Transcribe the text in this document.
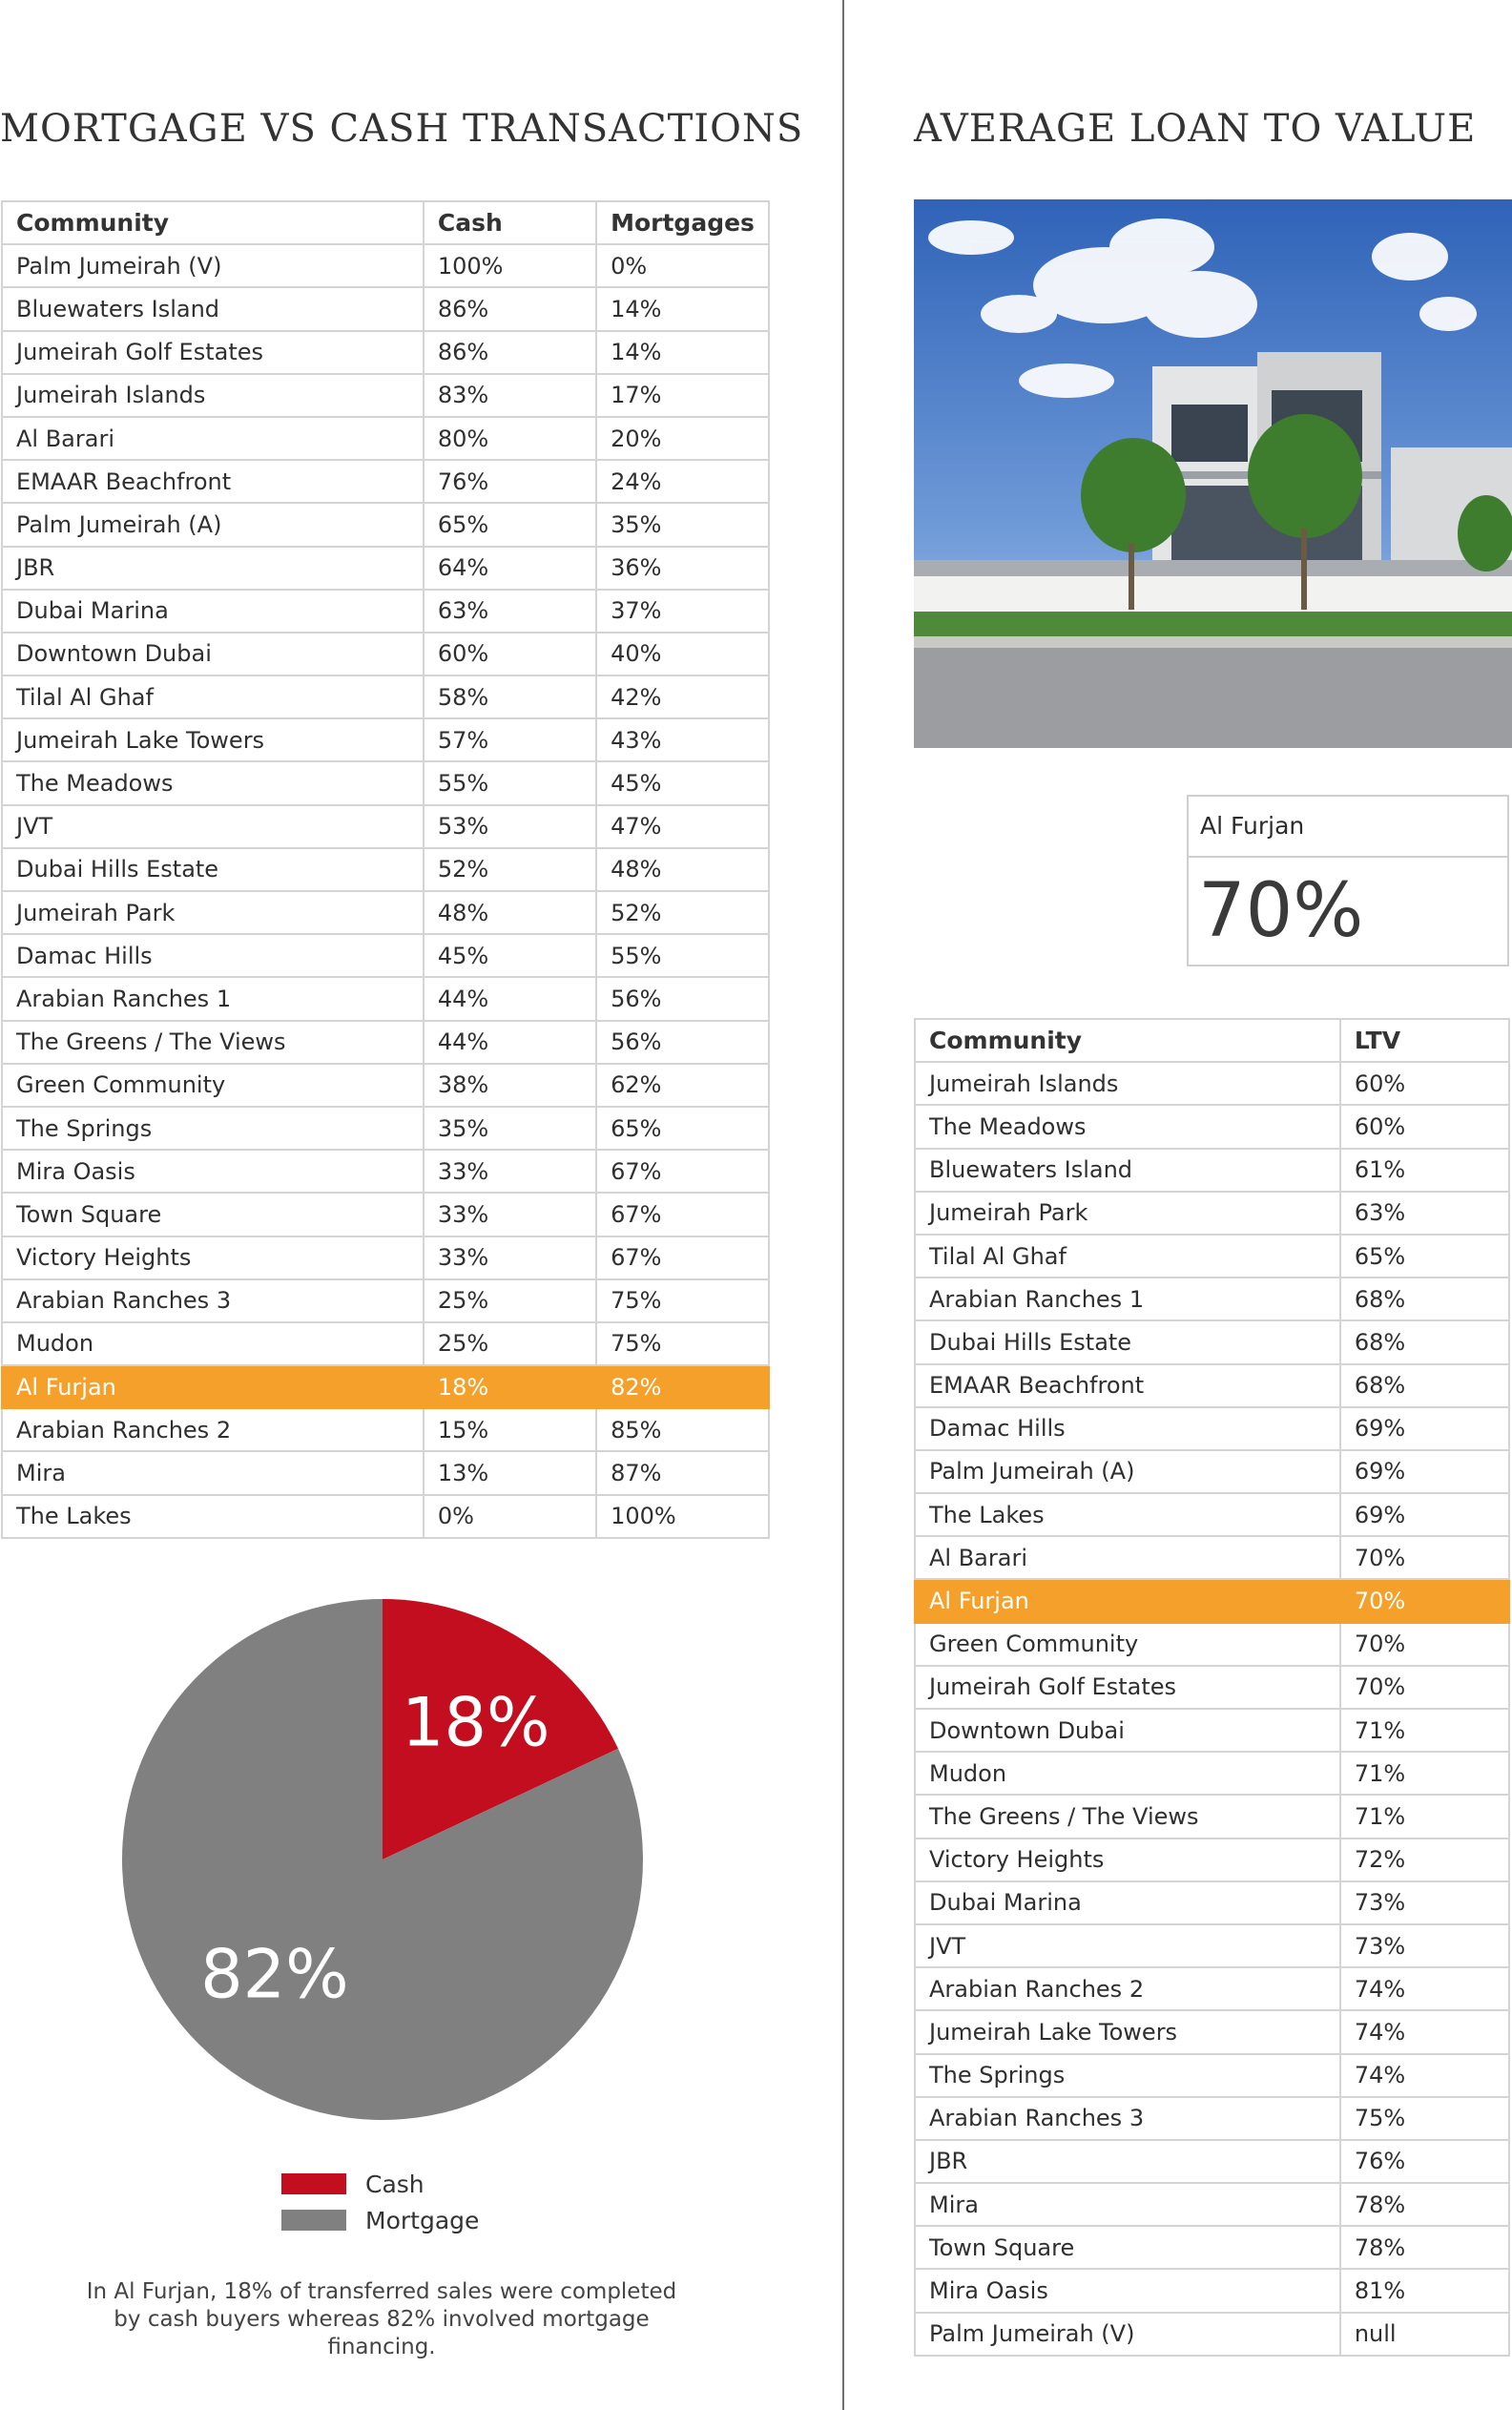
MORTGAGE VS CASH TRANSACTIONS	AVERAGE LOAN TO VALUE
Community	Cash	Mortgages
Palm Jumeirah (V)	100%	0%
Bluewaters Island	86%	14%
Jumeirah Golf Estates	86%	14%
Jumeirah Islands	83%	17%
Al Barari	80%	20%
EMAAR Beachfront	76%	24%
Palm Jumeirah (A)	65%	35%
JBR	64%	36%
Dubai Marina	63%	37%
Downtown Dubai	60%	40%
Tilal Al Ghaf	58%	42%
Jumeirah Lake Towers	57%	43%
The Meadows	55%	45%
JVT	53%	47%
Dubai Hills Estate	52%	48%
Jumeirah Park	48%	52%
Damac Hills	45%	55%
Arabian Ranches 1	44%	56%
The Greens / The Views	44%	56%
Green Community	38%	62%
The Springs	35%	65%
Mira Oasis	33%	67%
Town Square	33%	67%
Victory Heights	33%	67%
Arabian Ranches 3	25%	75%
Mudon	25%	75%
Al Furjan	18%	82%
Arabian Ranches 2	15%	85%
Mira	13%	87%
The Lakes	0%	100%
Al Furjan
70%
Community	LTV
Jumeirah Islands	60%
The Meadows	60%
Bluewaters Island	61%
Jumeirah Park	63%
Tilal Al Ghaf	65%
Arabian Ranches 1	68%
Dubai Hills Estate	68%
EMAAR Beachfront	68%
Damac Hills	69%
Palm Jumeirah (A)	69%
The Lakes	69%
Al Barari	70%
Al Furjan	70%
Green Community	70%
Jumeirah Golf Estates	70%
Downtown Dubai	71%
Mudon	71%
The Greens / The Views	71%
Victory Heights	72%
Dubai Marina	73%
JVT	73%
Arabian Ranches 2	74%
Jumeirah Lake Towers	74%
The Springs	74%
Arabian Ranches 3	75%
JBR	76%
Mira	78%
Town Square	78%
Mira Oasis	81%
Palm Jumeirah (V)	null
18%
82%
Cash
Mortgage

In Al Furjan, 18% of transferred sales were completed by cash buyers whereas 82% involved mortgage financing.
